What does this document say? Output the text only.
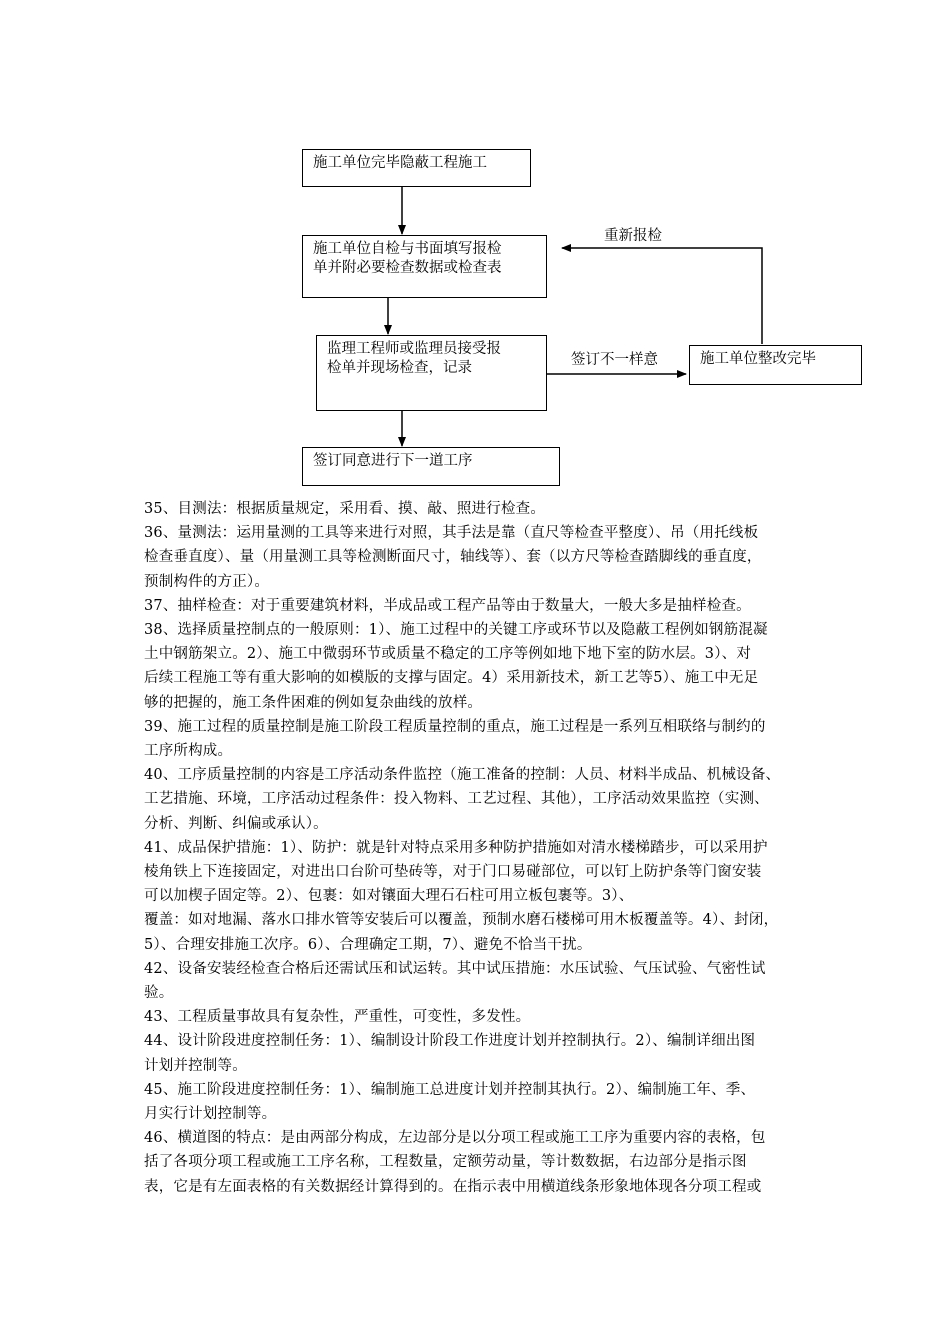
施工单位完毕隐蔽工程施工
施工单位自检与书面填写报检
单并附必要检查数据或检查表
监理工程师或监理员接受报
检单并现场检查，记录
签订同意进行下一道工序
施工单位整改完毕
重新报检
签订不一样意

35、目测法：根据质量规定，采用看、摸、敲、照进行检查。

36、量测法：运用量测的工具等来进行对照，其手法是靠（直尺等检查平整度）、吊（用托线板
检查垂直度）、量（用量测工具等检测断面尺寸，轴线等）、套（以方尺等检查踏脚线的垂直度，
预制构件的方正）。

37、抽样检查：对于重要建筑材料，半成品或工程产品等由于数量大，一般大多是抽样检查。

38、选择质量控制点的一般原则：1）、施工过程中的关键工序或环节以及隐蔽工程例如钢筋混凝
土中钢筋架立。2）、施工中微弱环节或质量不稳定的工序等例如地下地下室的防水层。3）、对
后续工程施工等有重大影响的如模版的支撑与固定。4）采用新技术，新工艺等5）、施工中无足
够的把握的，施工条件困难的例如复杂曲线的放样。

39、施工过程的质量控制是施工阶段工程质量控制的重点，施工过程是一系列互相联络与制约的
工序所构成。

40、工序质量控制的内容是工序活动条件监控（施工准备的控制：人员、材料半成品、机械设备、
工艺措施、环境，工序活动过程条件：投入物料、工艺过程、其他），工序活动效果监控（实测、
分析、判断、纠偏或承认）。

41、成品保护措施：1）、防护：就是针对特点采用多种防护措施如对清水楼梯踏步，可以采用护
棱角铁上下连接固定，对进出口台阶可垫砖等，对于门口易碰部位，可以钉上防护条等门窗安装
可以加楔子固定等。2）、包裹：如对镶面大理石石柱可用立板包裹等。3）、
覆盖：如对地漏、落水口排水管等安装后可以覆盖，预制水磨石楼梯可用木板覆盖等。4）、封闭，
5）、合理安排施工次序。6）、合理确定工期，7）、避免不恰当干扰。

42、设备安装经检查合格后还需试压和试运转。其中试压措施：水压试验、气压试验、气密性试
验。

43、工程质量事故具有复杂性，严重性，可变性，多发性。

44、设计阶段进度控制任务：1）、编制设计阶段工作进度计划并控制执行。2）、编制详细出图
计划并控制等。

45、施工阶段进度控制任务：1）、编制施工总进度计划并控制其执行。2）、编制施工年、季、
月实行计划控制等。

46、横道图的特点：是由两部分构成，左边部分是以分项工程或施工工序为重要内容的表格，包
括了各项分项工程或施工工序名称，工程数量，定额劳动量，等计数数据，右边部分是指示图
表，它是有左面表格的有关数据经计算得到的。在指示表中用横道线条形象地体现各分项工程或
